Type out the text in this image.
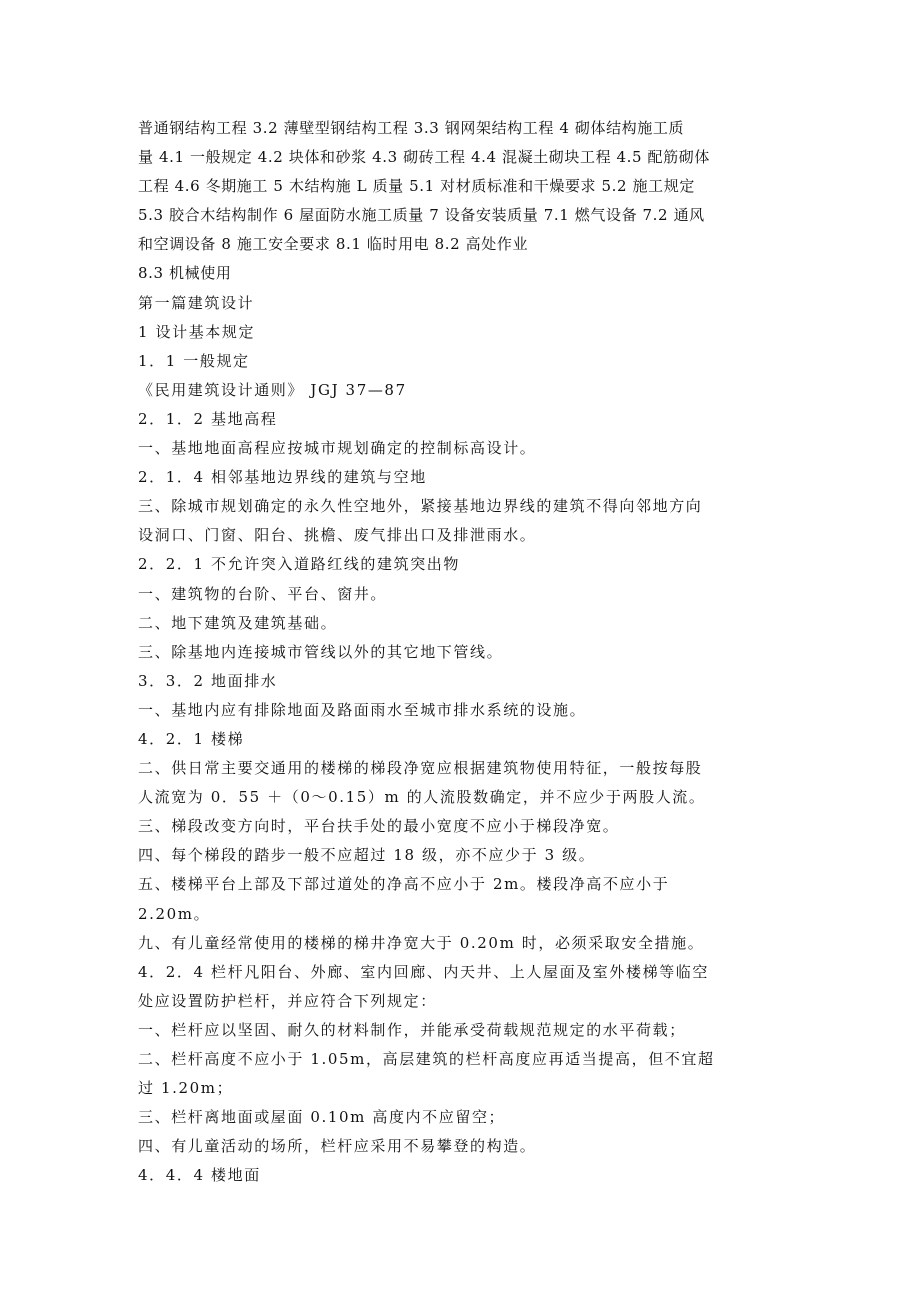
普通钢结构工程 3.2 薄壁型钢结构工程 3.3 钢网架结构工程 4 砌体结构施工质
量 4.1 一般规定 4.2 块体和砂浆 4.3 砌砖工程 4.4 混凝土砌块工程 4.5 配筋砌体
工程 4.6 冬期施工 5 木结构施 L 质量 5.1 对材质标准和干燥要求 5.2 施工规定
5.3 胶合木结构制作 6 屋面防水施工质量 7 设备安装质量 7.1 燃气设备 7.2 通风
和空调设备 8 施工安全要求 8.1 临时用电 8.2 高处作业
8.3 机械使用
第一篇建筑设计
1 设计基本规定
1．1 一般规定
《民用建筑设计通则》 JGJ 37—87
2．1．2 基地高程
一、基地地面高程应按城市规划确定的控制标高设计。
2．1．4 相邻基地边界线的建筑与空地
三、除城市规划确定的永久性空地外，紧接基地边界线的建筑不得向邻地方向
设洞口、门窗、阳台、挑檐、废气排出口及排泄雨水。
2．2．1 不允许突入道路红线的建筑突出物
一、建筑物的台阶、平台、窗井。
二、地下建筑及建筑基础。
三、除基地内连接城市管线以外的其它地下管线。
3．3．2 地面排水
一、基地内应有排除地面及路面雨水至城市排水系统的设施。
4．2．1 楼梯
二、供日常主要交通用的楼梯的梯段净宽应根据建筑物使用特征，一般按每股
人流宽为 0．55 ＋（0～0.15）m 的人流股数确定，并不应少于两股人流。
三、梯段改变方向时，平台扶手处的最小宽度不应小于梯段净宽。
四、每个梯段的踏步一般不应超过 18 级，亦不应少于 3 级。
五、楼梯平台上部及下部过道处的净高不应小于 2m。楼段净高不应小于
2.20m。
九、有儿童经常使用的楼梯的梯井净宽大于 0.20m 时，必须采取安全措施。
4．2．4 栏杆凡阳台、外廊、室内回廊、内天井、上人屋面及室外楼梯等临空
处应设置防护栏杆，并应符合下列规定：
一、栏杆应以坚固、耐久的材料制作，并能承受荷载规范规定的水平荷载；
二、栏杆高度不应小于 1.05m，高层建筑的栏杆高度应再适当提高，但不宜超
过 1.20m；
三、栏杆离地面或屋面 0.10m 高度内不应留空；
四、有儿童活动的场所，栏杆应采用不易攀登的构造。
4．4．4 楼地面
